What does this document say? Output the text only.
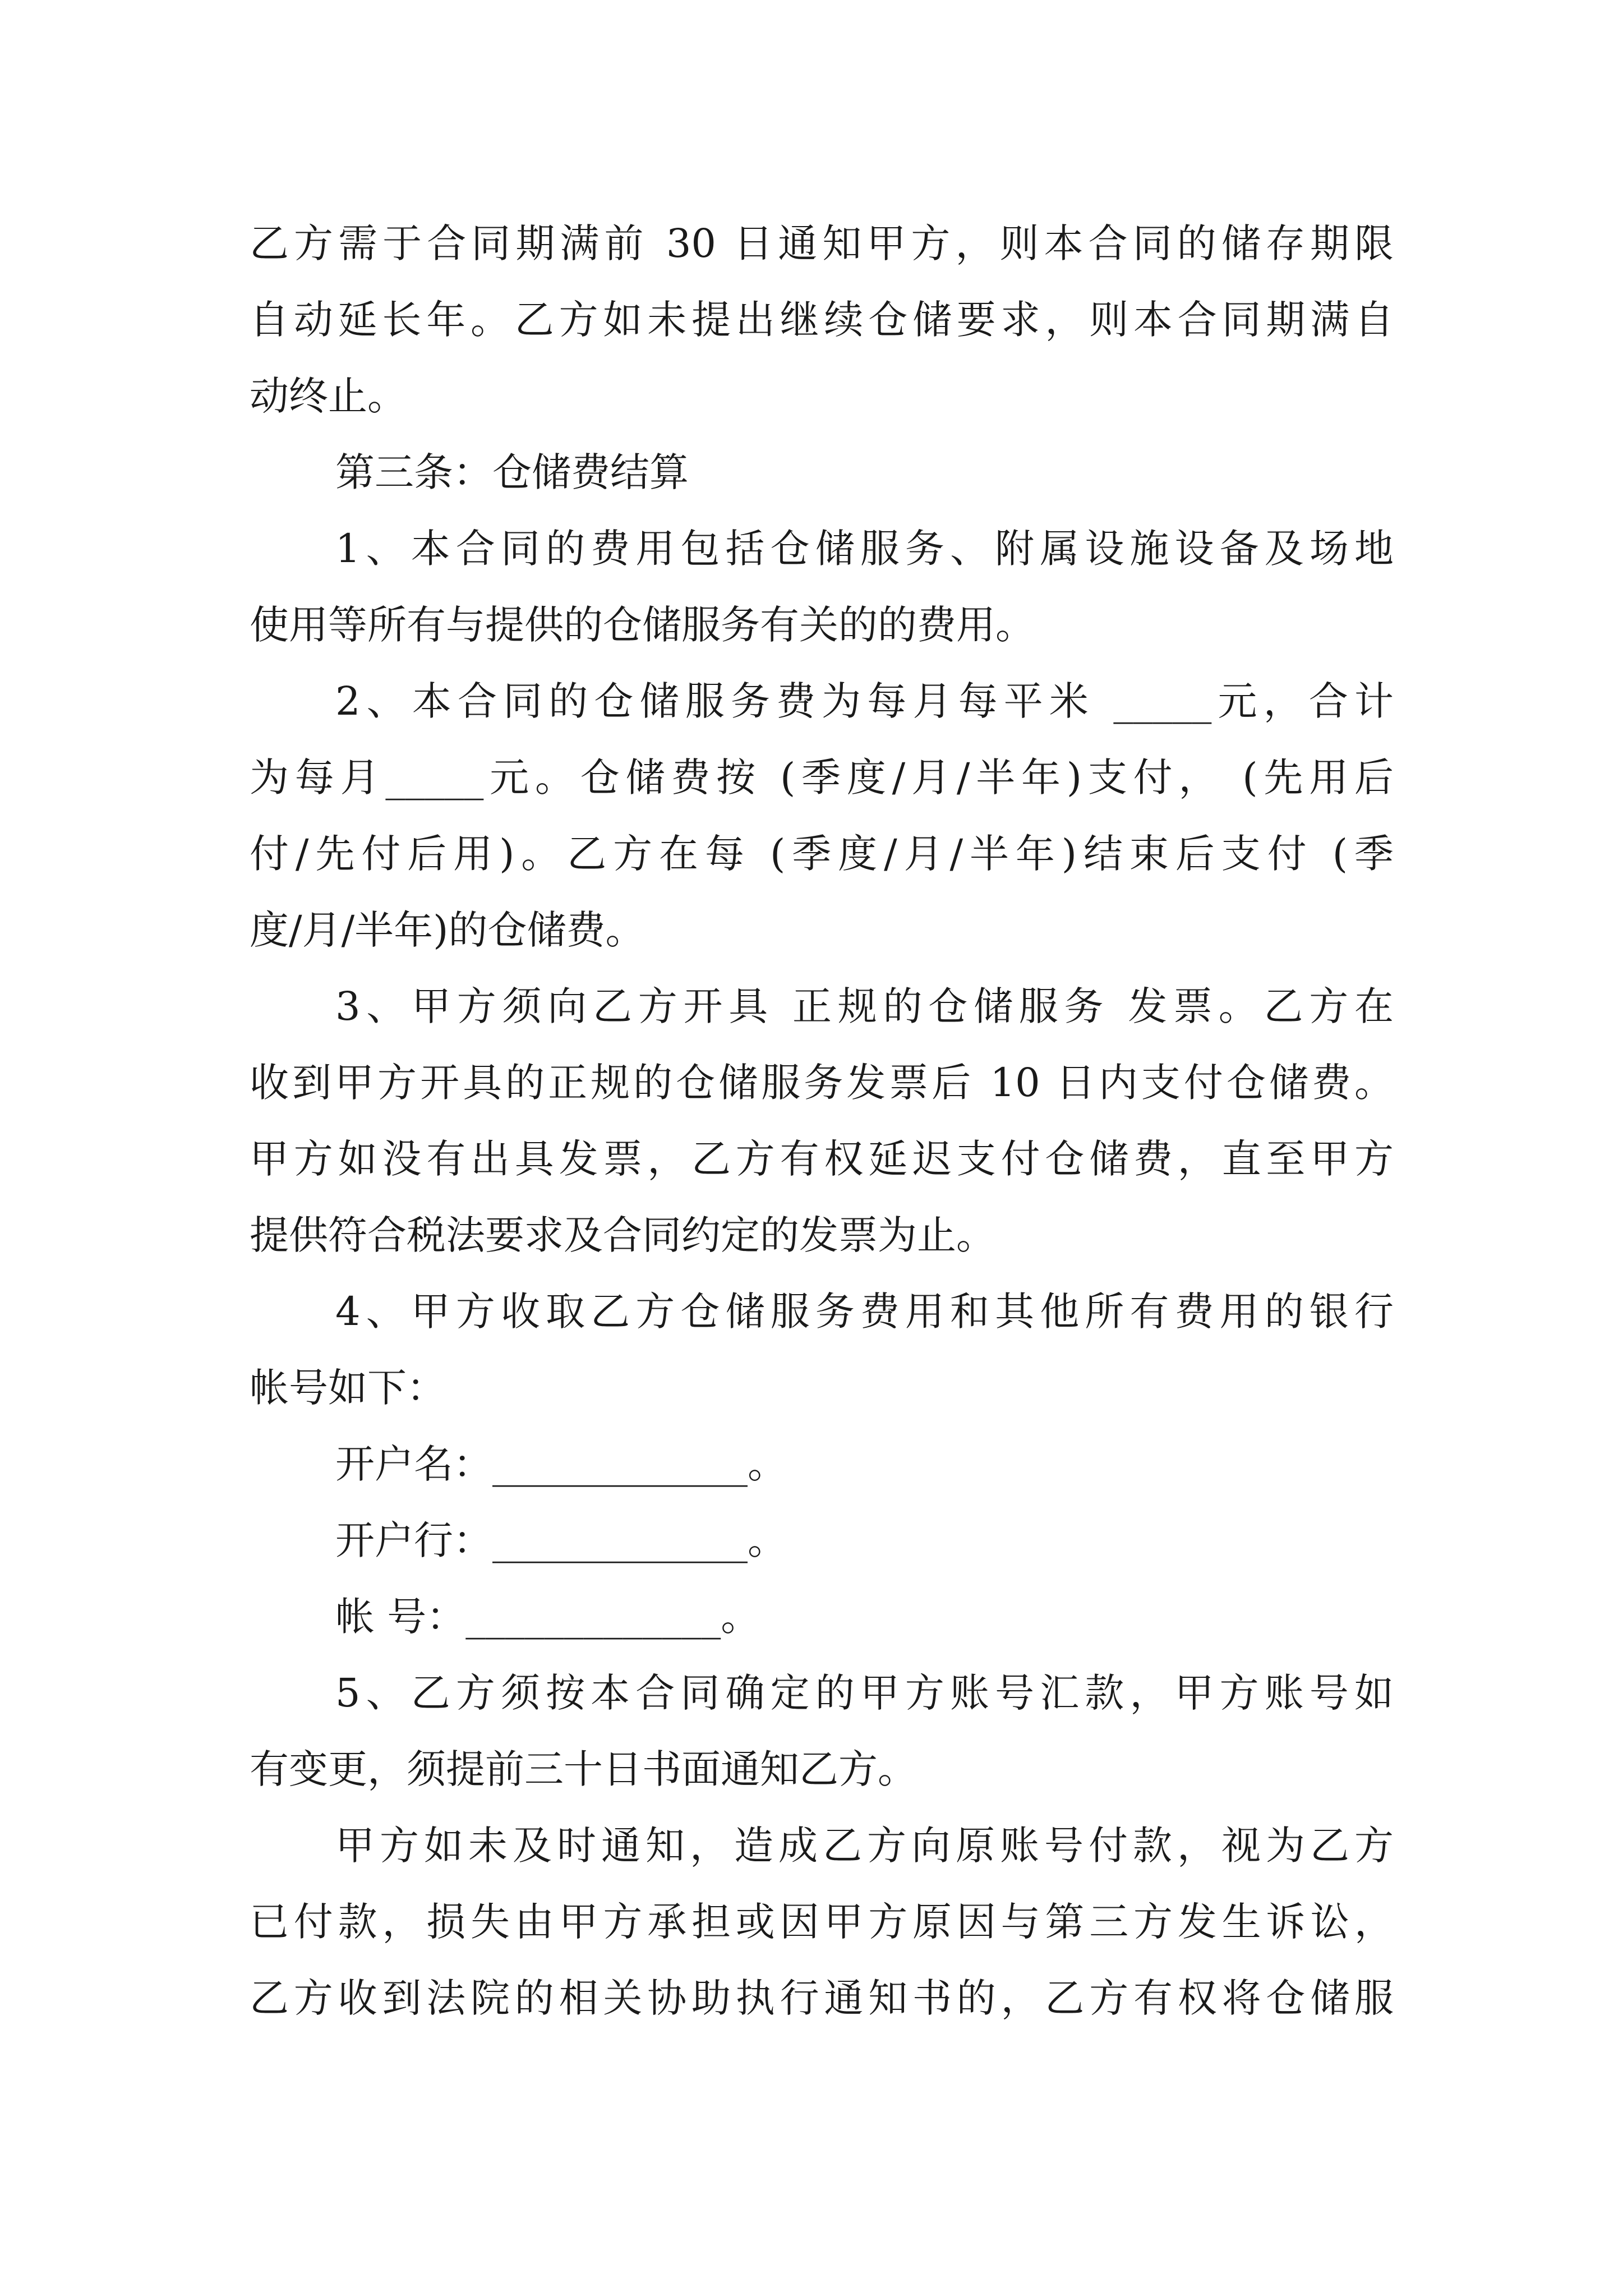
乙方需于合同期满前 30 日通知甲方，则本合同的储存期限
自动延长年。乙方如未提出继续仓储要求，则本合同期满自
动终止。
第三条：仓储费结算
1、本合同的费用包括仓储服务、附属设施设备及场地
使用等所有与提供的仓储服务有关的的费用。
2、本合同的仓储服务费为每月每平米 _____元，合计
为每月_____元。仓储费按 (季度/月/半年)支付， (先用后
付/先付后用)。乙方在每 (季度/月/半年)结束后支付 (季
度/月/半年)的仓储费。
3、甲方须向乙方开具 正规的仓储服务 发票。乙方在
收到甲方开具的正规的仓储服务发票后 10 日内支付仓储费。
甲方如没有出具发票，乙方有权延迟支付仓储费，直至甲方
提供符合税法要求及合同约定的发票为止。
4、甲方收取乙方仓储服务费用和其他所有费用的银行
帐号如下：
开户名：_____________。
开户行：_____________。
帐 号：_____________。
5、乙方须按本合同确定的甲方账号汇款，甲方账号如
有变更，须提前三十日书面通知乙方。
甲方如未及时通知，造成乙方向原账号付款，视为乙方
已付款，损失由甲方承担或因甲方原因与第三方发生诉讼，
乙方收到法院的相关协助执行通知书的，乙方有权将仓储服
